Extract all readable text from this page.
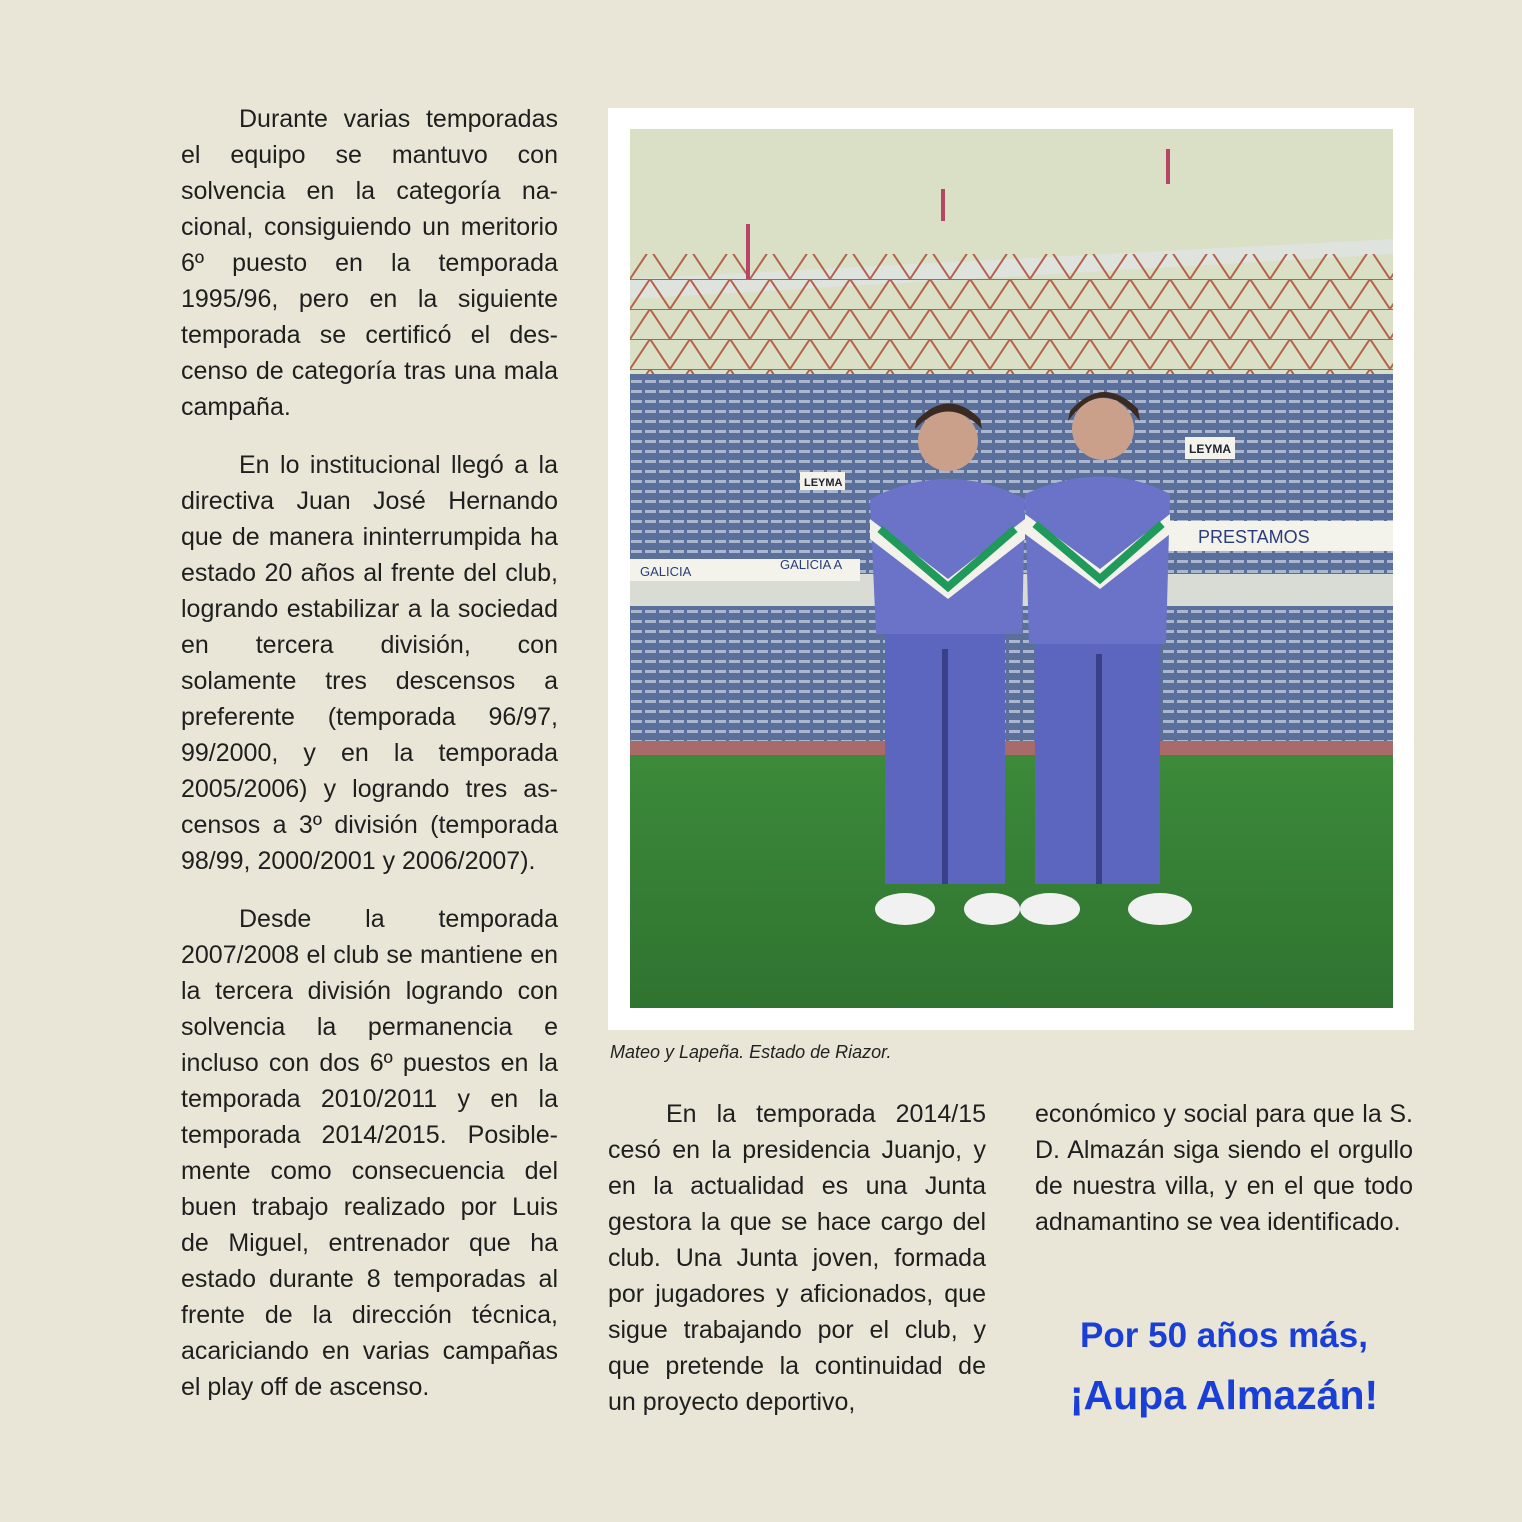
Durante varias temporadas el equipo se mantuvo con solvencia en la categoría nacional, consiguiendo un meritorio 6º puesto en la temporada 1995/96, pero en la siguiente temporada se certificó el descenso de categoría tras una mala campaña.

En lo institucional llegó a la directiva Juan José Hernando que de manera ininterrumpida ha estado 20 años al frente del club, logrando estabilizar a la sociedad en tercera división, con solamente tres descensos a preferente (temporada 96/97, 99/2000, y en la temporada 2005/2006) y logrando tres ascensos a 3º división (temporada 98/99, 2000/2001 y 2006/2007).

Desde la temporada 2007/2008 el club se mantiene en la tercera división logrando con solvencia la permanencia e incluso con dos 6º puestos en la temporada 2010/2011 y en la temporada 2014/2015. Posiblemente como consecuencia del buen trabajo realizado por Luis de Miguel, entrenador que ha estado durante 8 temporadas al frente de la dirección técnica, acariciando en varias campañas el play off de ascenso.

LEYMA
LEYMA
PRESTAMOS
GALICIA	GALICIA A
Mateo y Lapeña. Estado de Riazor.

En la temporada 2014/15 cesó en la presidencia Juanjo, y en la actualidad es una Junta gestora la que se hace cargo del club. Una Junta joven, formada por jugadores y aficionados, que sigue trabajando por el club, y que pretende la continuidad de un proyecto deportivo,

económico y social para que la S. D. Almazán siga siendo el orgullo de nuestra villa, y en el que todo adnamantino se vea identificado.

Por 50 años más,
¡Aupa Almazán!
